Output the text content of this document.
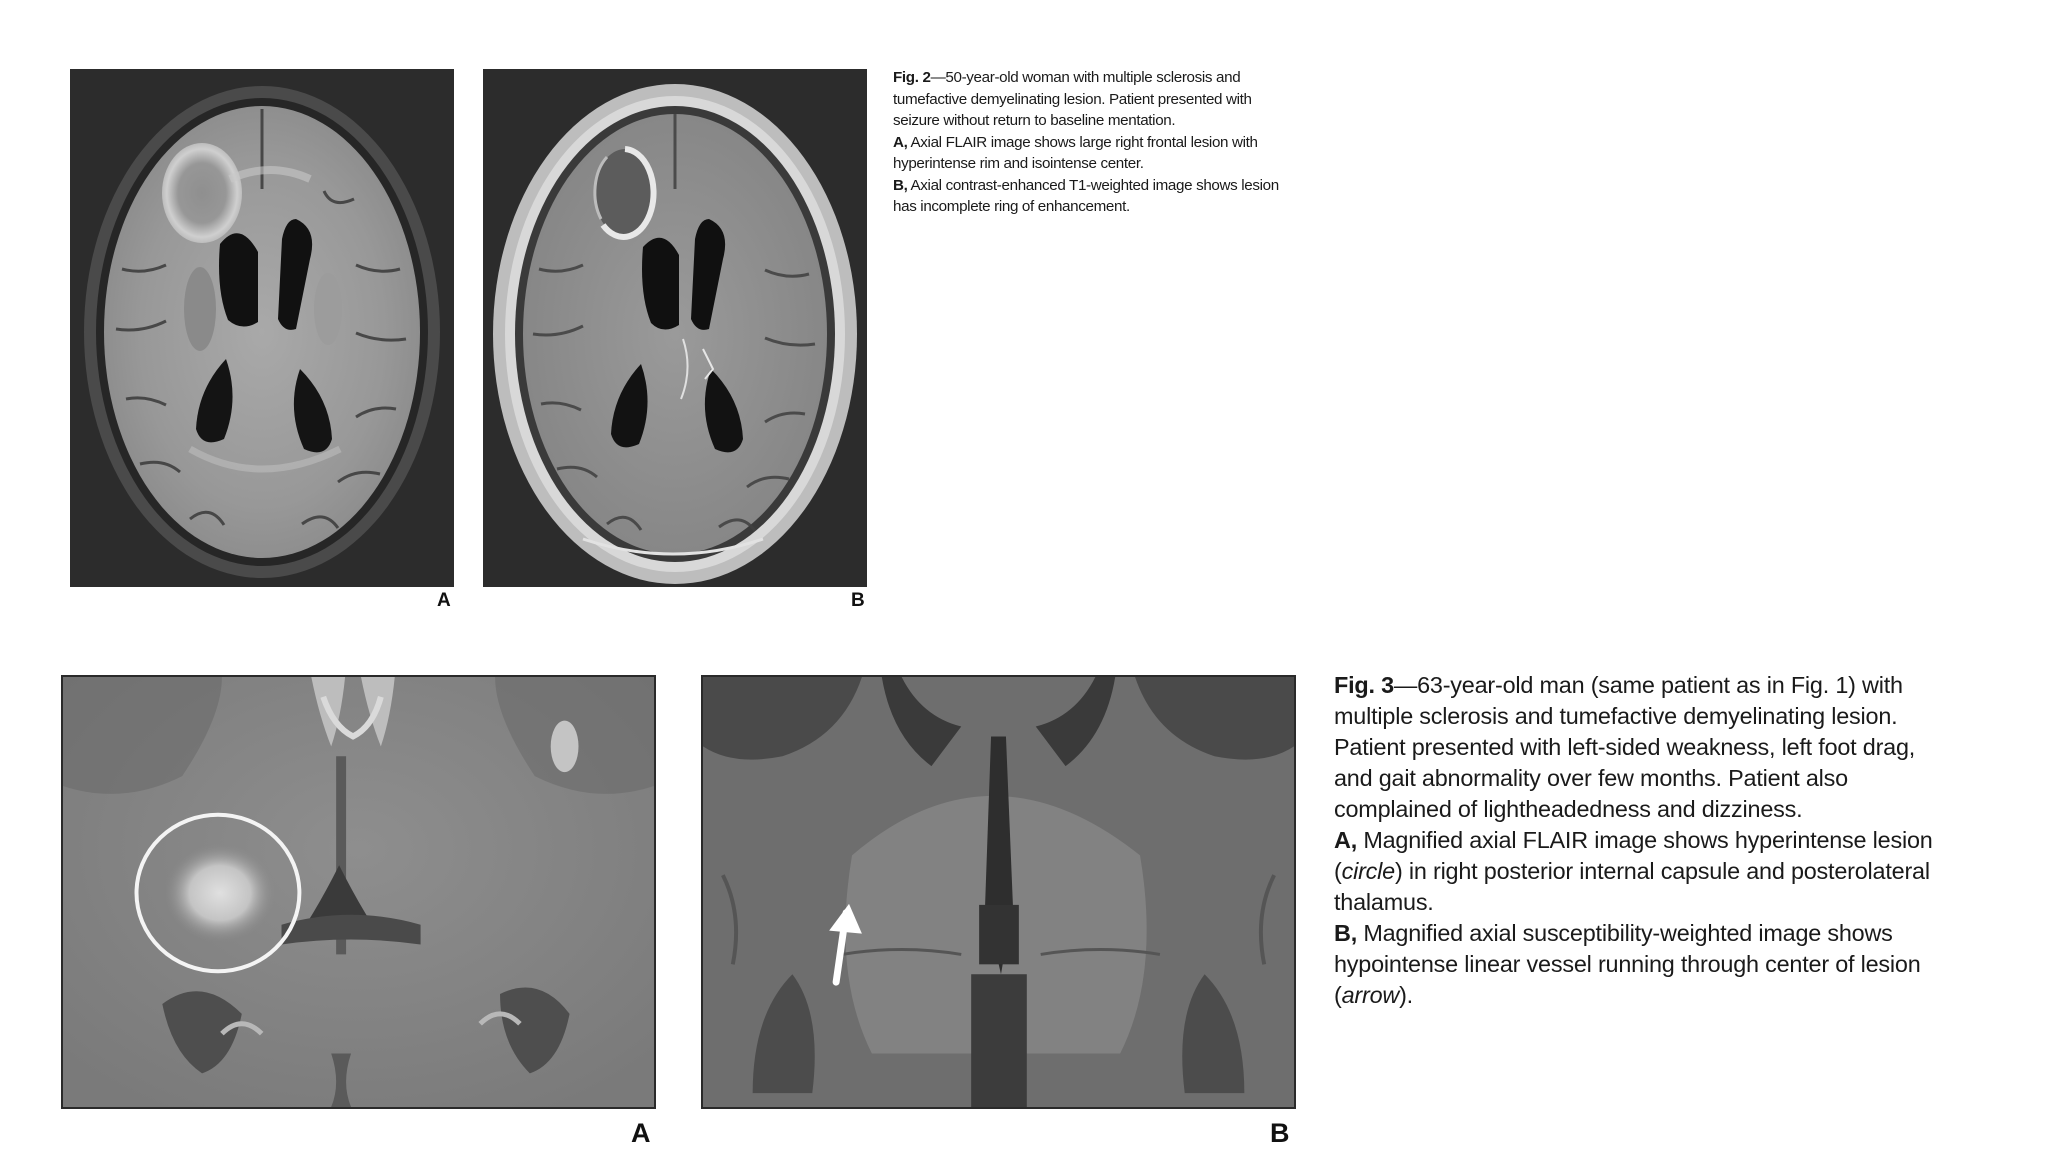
A	B

Fig. 2—50-year-old woman with multiple sclerosis and tumefactive demyelinating lesion. Patient presented with seizure without return to baseline mentation.

A, Axial FLAIR image shows large right frontal lesion with hyperintense rim and isointense center.

B, Axial contrast-enhanced T1-weighted image shows lesion has incomplete ring of enhancement.

A	B

Fig. 3—63-year-old man (same patient as in Fig. 1) with multiple sclerosis and tumefactive demyelinating lesion. Patient presented with left-sided weakness, left foot drag, and gait abnormality over few months. Patient also complained of lightheadedness and dizziness.

A, Magnified axial FLAIR image shows hyperintense lesion (circle) in right posterior internal capsule and posterolateral thalamus.

B, Magnified axial susceptibility-weighted image shows hypointense linear vessel running through center of lesion (arrow).
